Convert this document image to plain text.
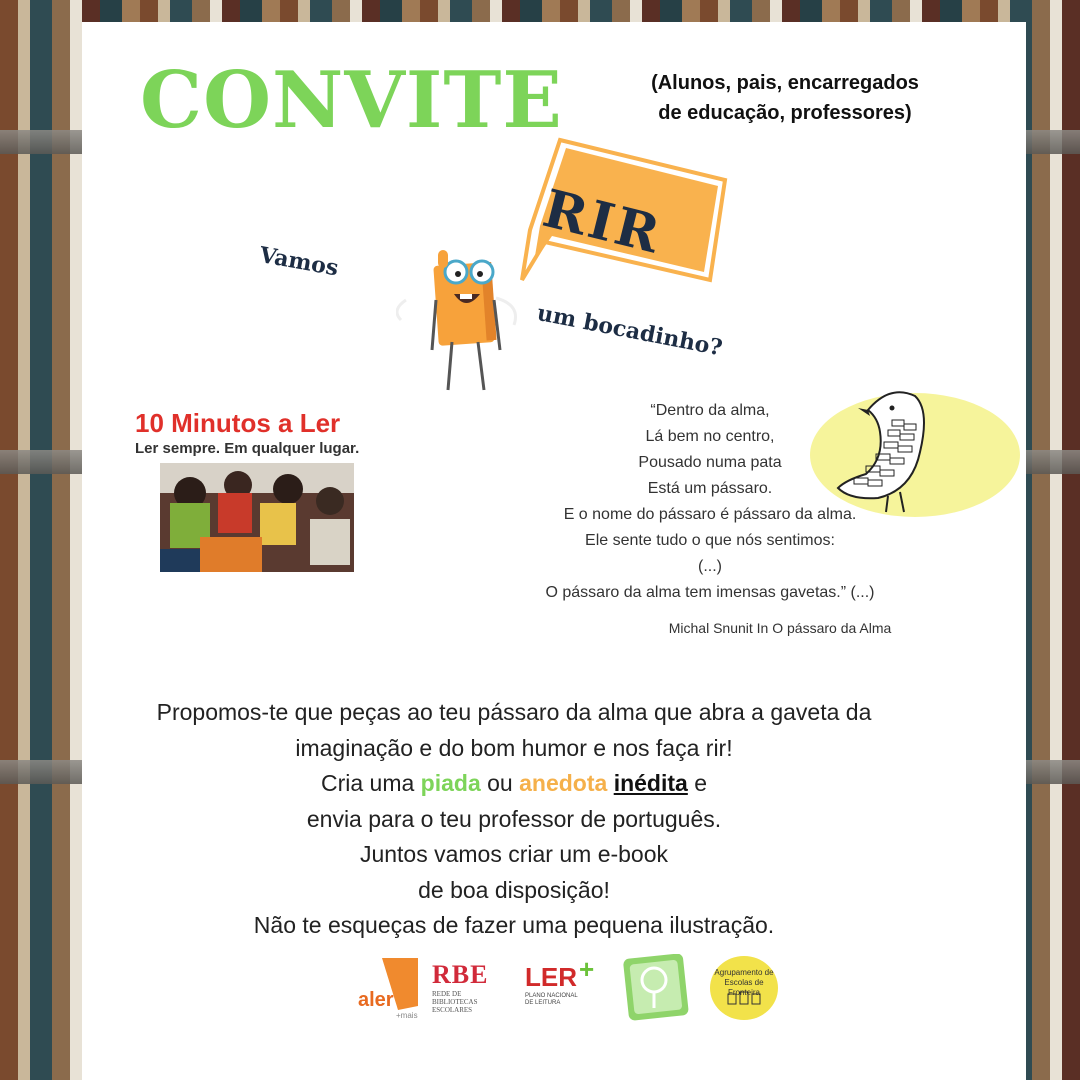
CONVITE	(Alunos, pais, encarregados
de educação, professores)
RIR
Vamos
um bocadinho?
10 Minutos a Ler
Ler sempre. Em qualquer lugar.
“Dentro da alma,
Lá bem no centro,
Pousado numa pata
Está um pássaro.
E o nome do pássaro é pássaro da alma.
Ele sente tudo o que nós sentimos:
(...)
O pássaro da alma tem imensas gavetas.” (...)
Michal Snunit In O pássaro da Alma
Propomos-te que peças ao teu pássaro da alma que abra a gaveta da
imaginação e do bom humor e nos faça rir!
Cria uma piada ou anedota inédita e
envia para o teu professor de português.
Juntos vamos criar um e-book
de boa disposição!
Não te esqueças de fazer uma pequena ilustração.
aler
+mais
RBE
REDE DE
BIBLIOTECAS
ESCOLARES
LER +
PLANO NACIONAL
DE LEITURA
Agrupamento de Escolas de Fronteira
